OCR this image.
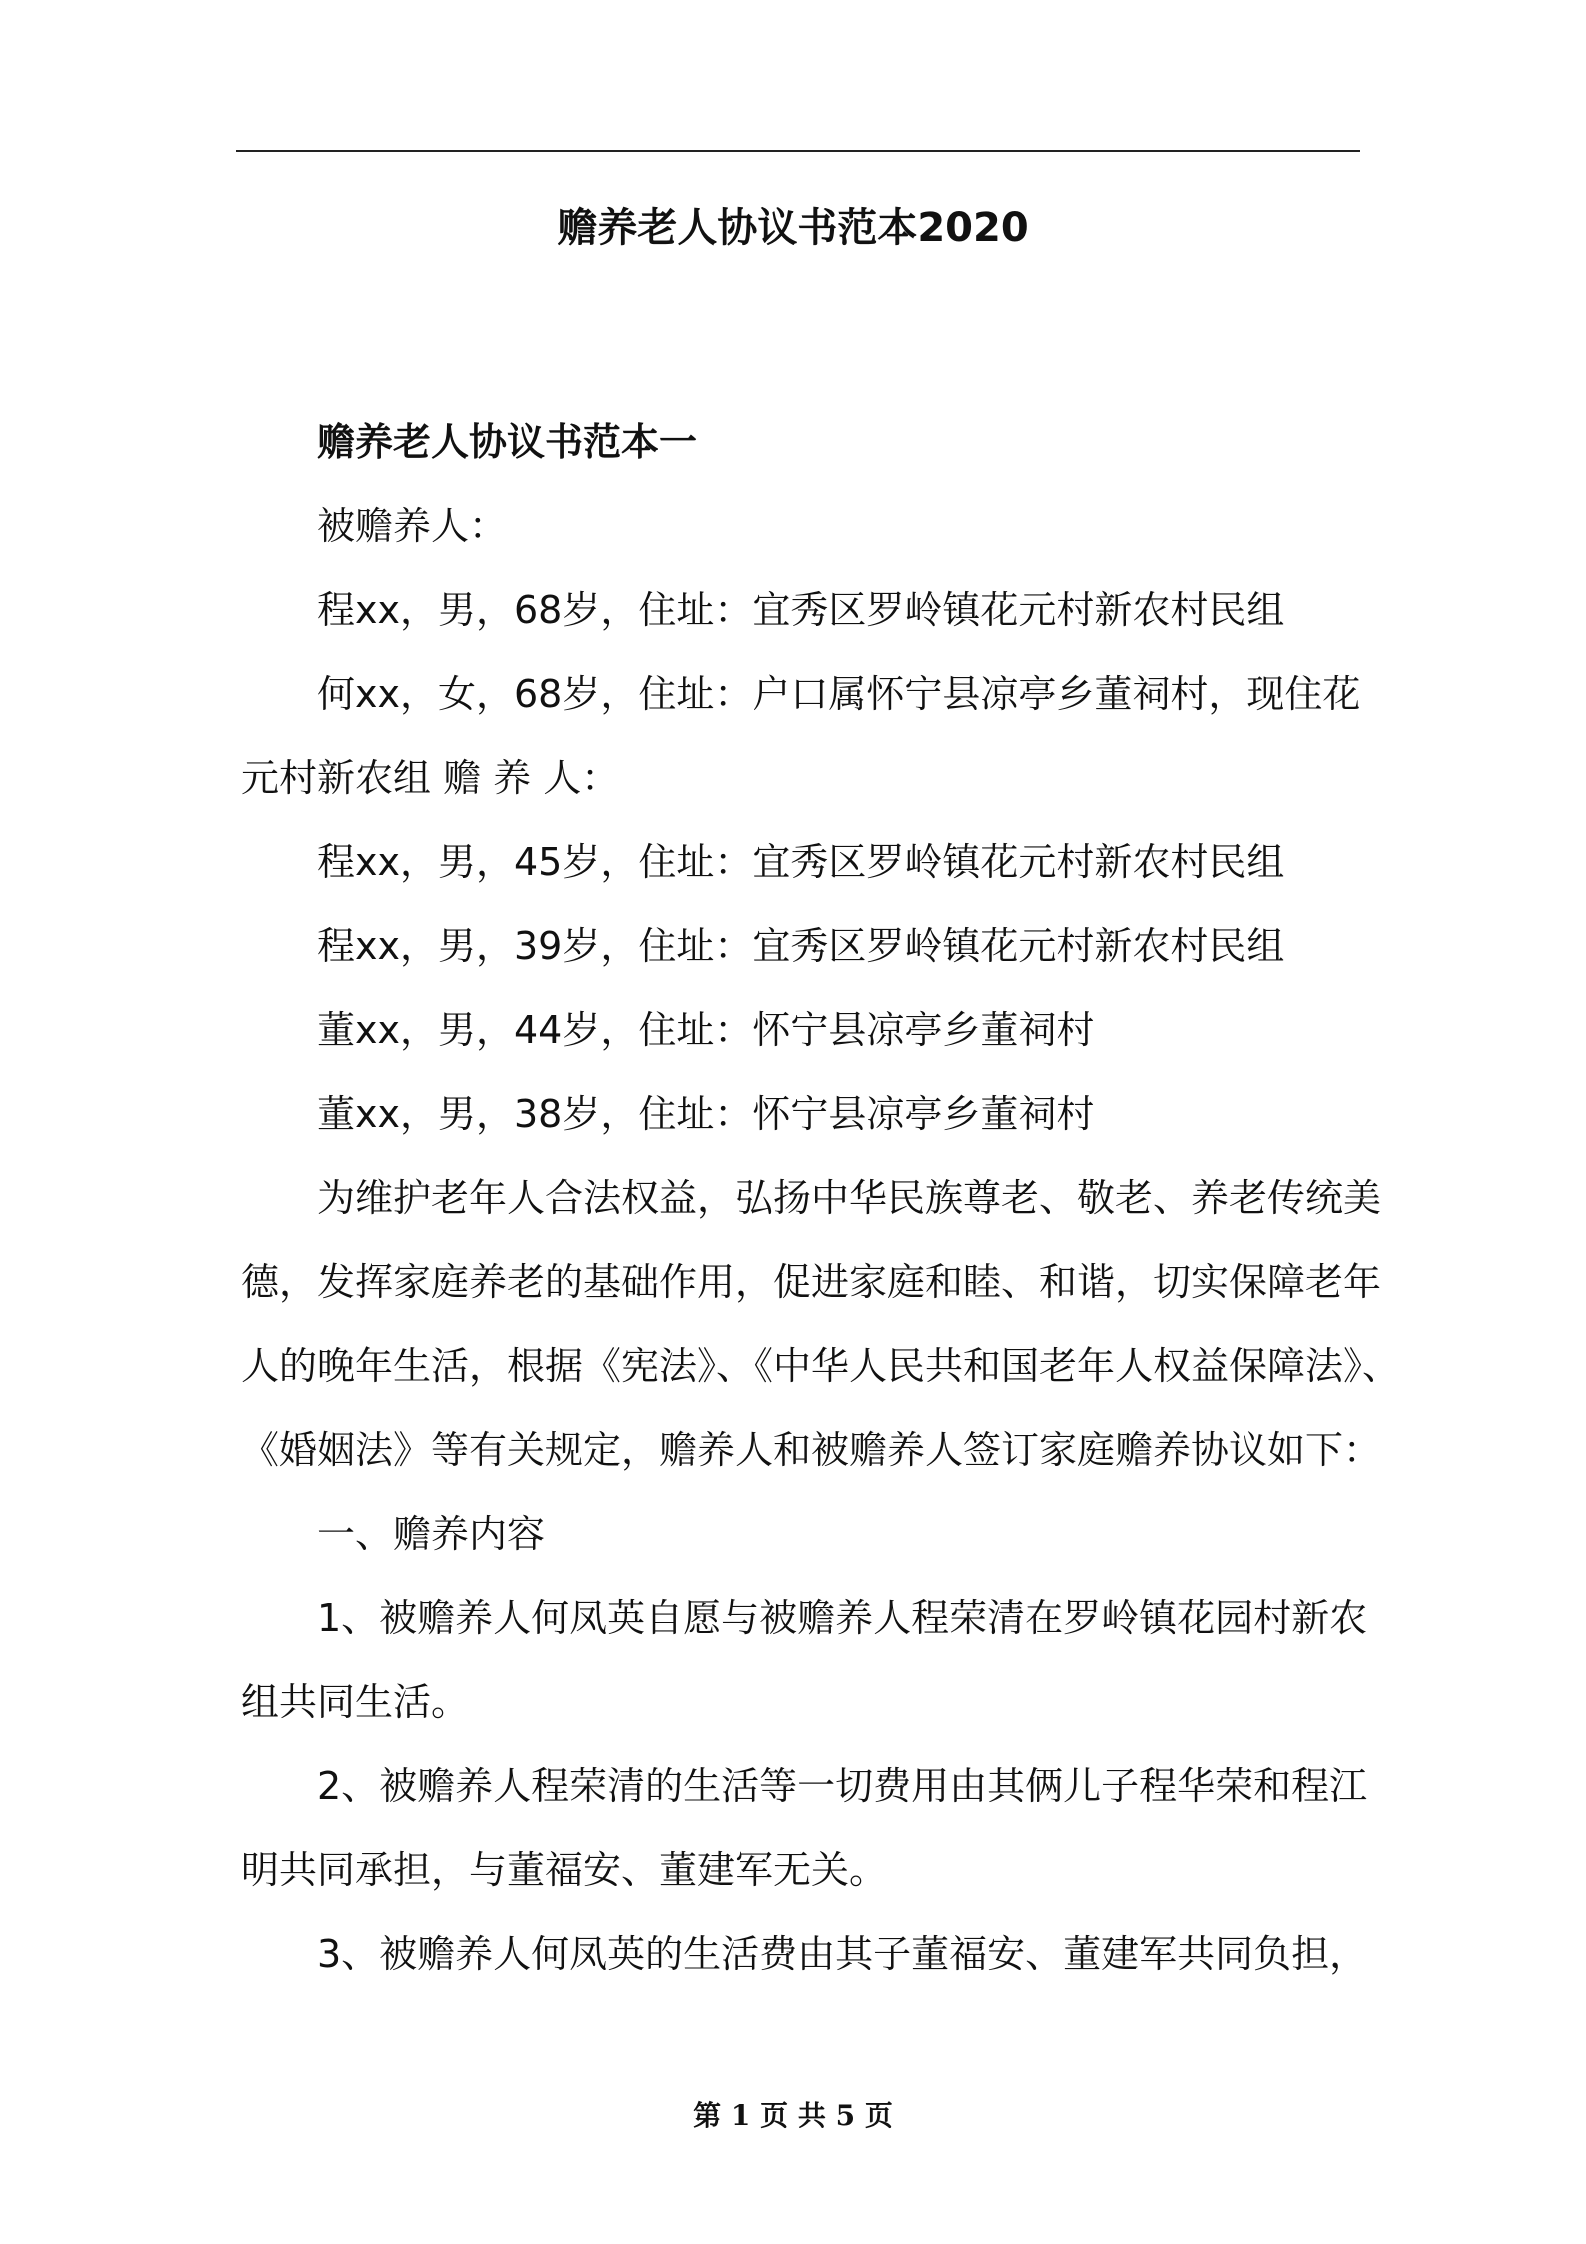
赡养老人协议书范本2020

赡养老人协议书范本一

被赡养人：

程xx，男，68岁，住址：宜秀区罗岭镇花元村新农村民组

何xx，女，68岁，住址：户口属怀宁县凉亭乡董祠村，现住花

元村新农组 赡 养 人：

程xx，男，45岁，住址：宜秀区罗岭镇花元村新农村民组

程xx，男，39岁，住址：宜秀区罗岭镇花元村新农村民组

董xx，男，44岁，住址：怀宁县凉亭乡董祠村

董xx，男，38岁，住址：怀宁县凉亭乡董祠村

为维护老年人合法权益，弘扬中华民族尊老、敬老、养老传统美

德，发挥家庭养老的基础作用，促进家庭和睦、和谐，切实保障老年

人的晚年生活，根据《宪法》、《中华人民共和国老年人权益保障法》、

《婚姻法》等有关规定，赡养人和被赡养人签订家庭赡养协议如下：

一、赡养内容

1、被赡养人何凤英自愿与被赡养人程荣清在罗岭镇花园村新农

组共同生活。

2、被赡养人程荣清的生活等一切费用由其俩儿子程华荣和程江

明共同承担，与董福安、董建军无关。

3、被赡养人何凤英的生活费由其子董福安、董建军共同负担，

第 1 页 共 5 页
